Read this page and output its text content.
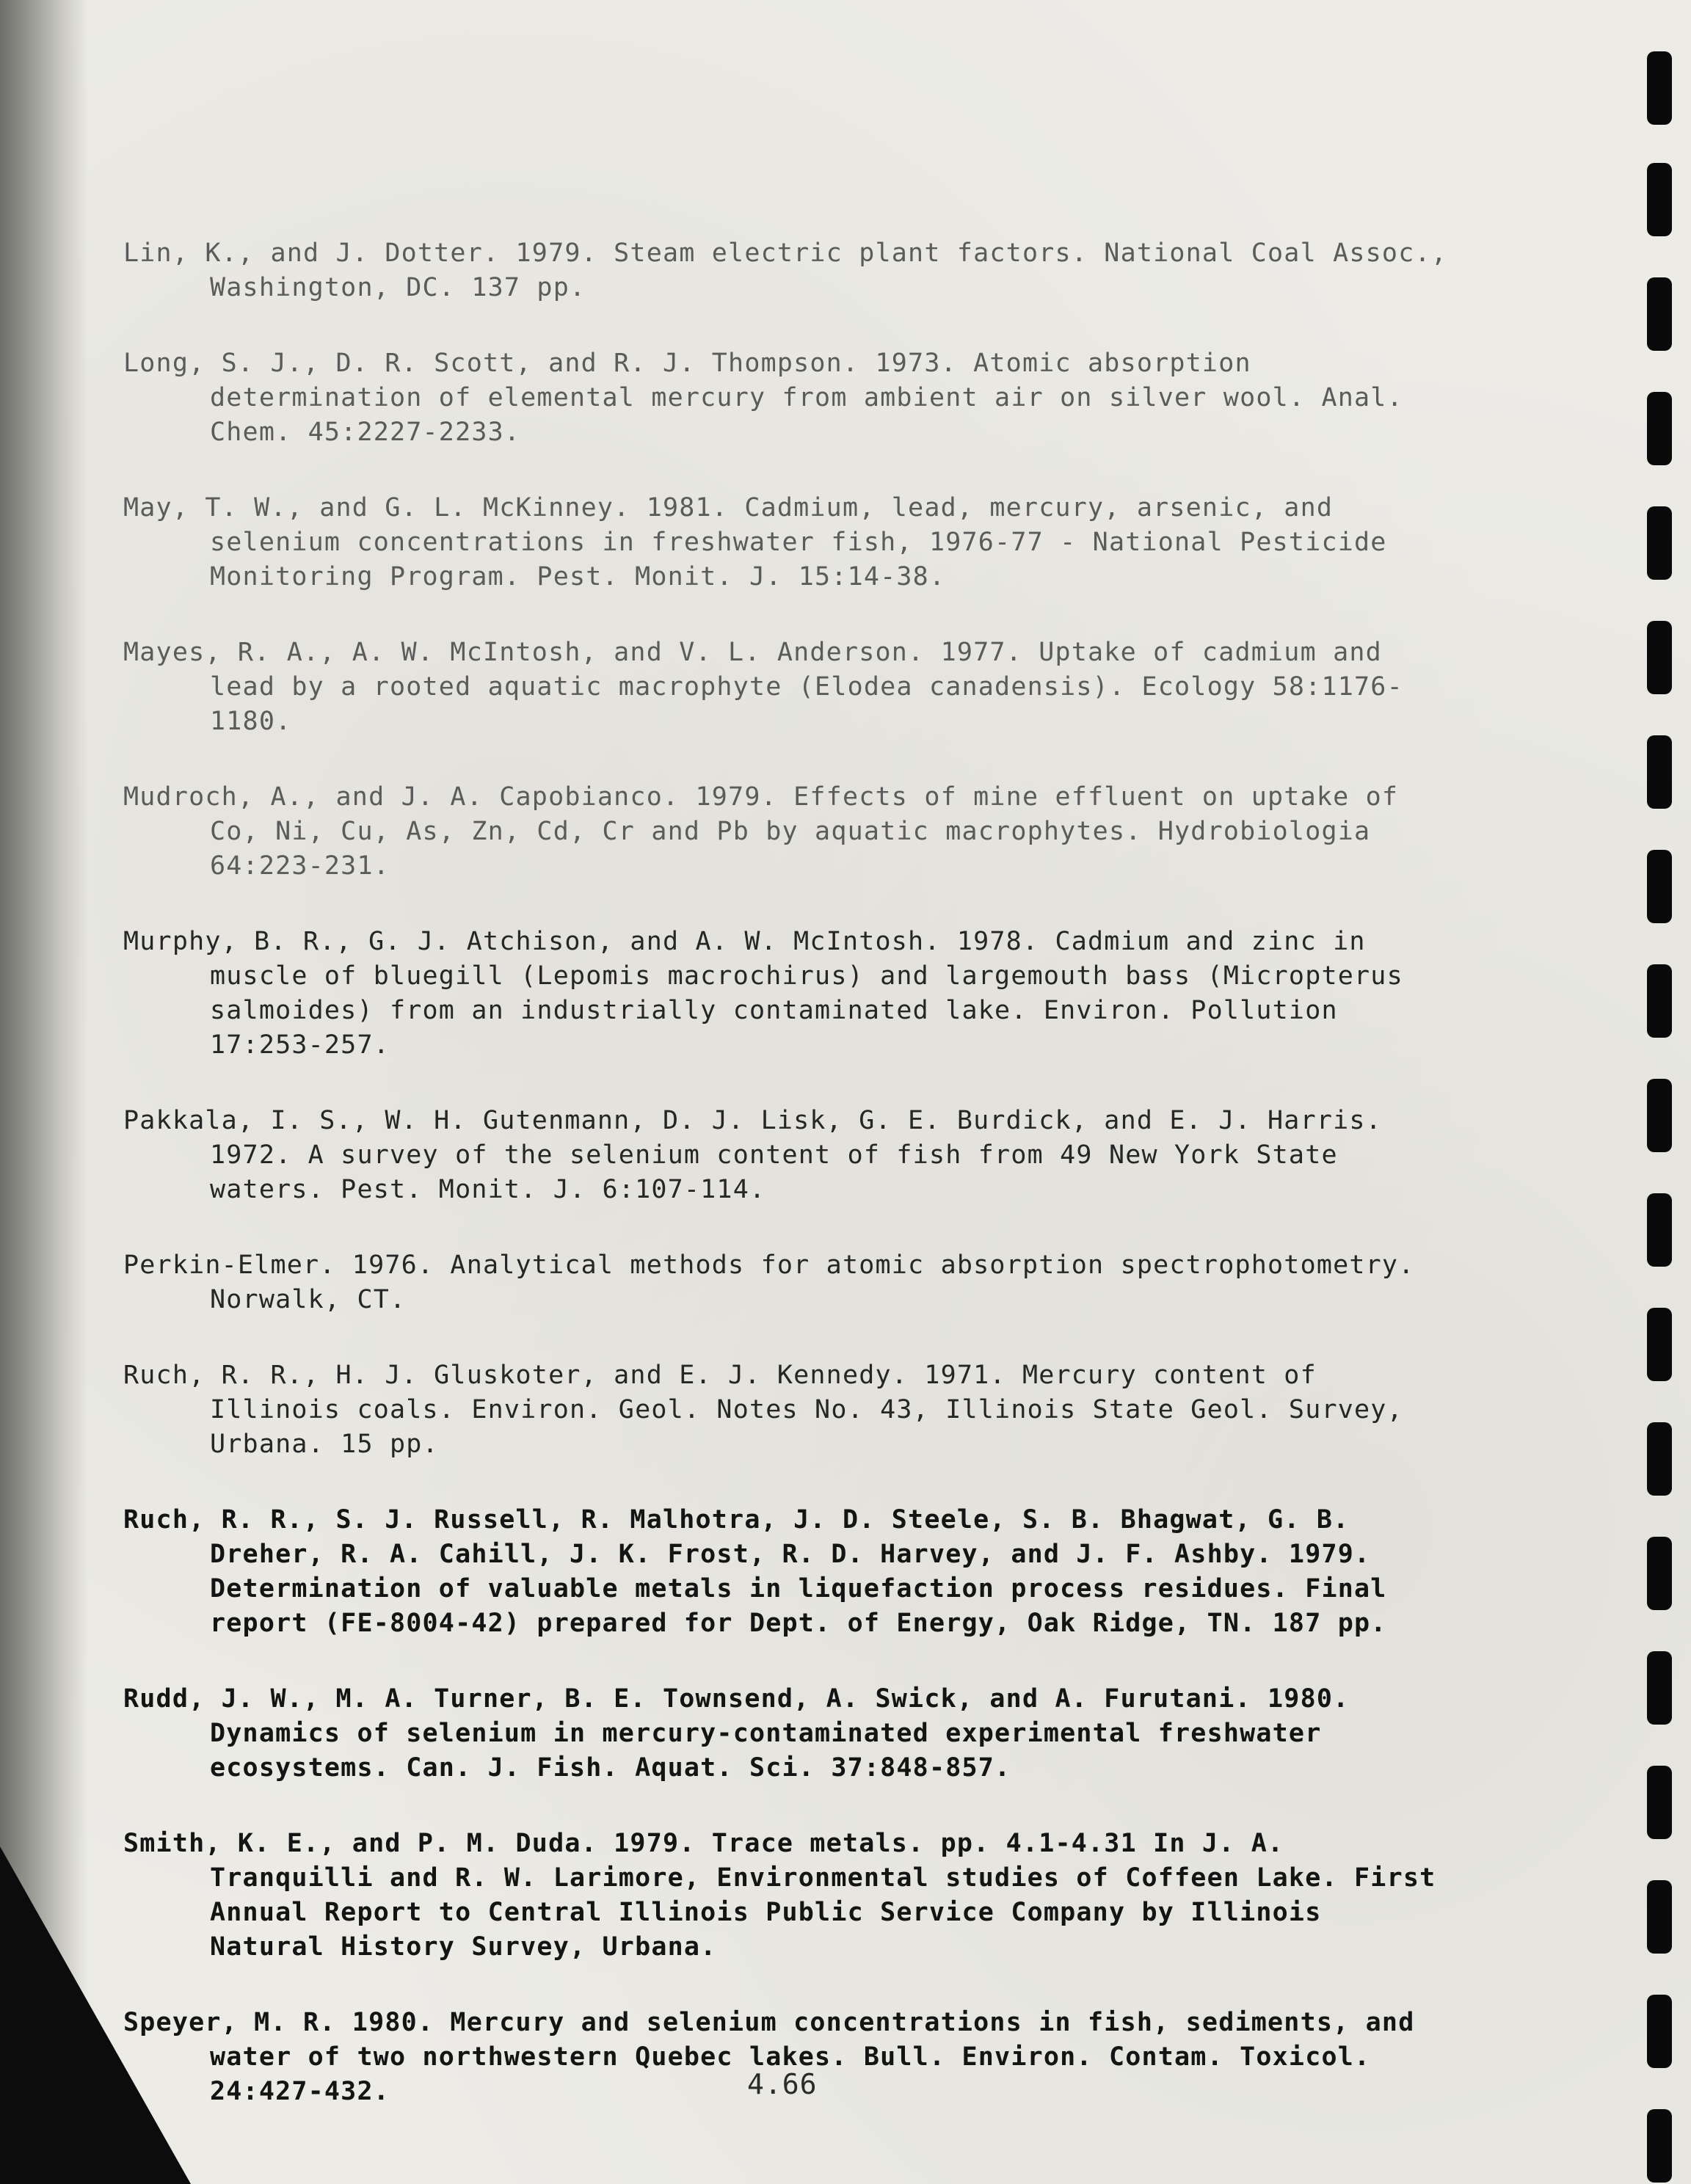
Lin, K., and J. Dotter. 1979. Steam electric plant factors. National Coal Assoc., Washington, DC. 137 pp.

Long, S. J., D. R. Scott, and R. J. Thompson. 1973. Atomic absorption determination of elemental mercury from ambient air on silver wool. Anal. Chem. 45:2227-2233.

May, T. W., and G. L. McKinney. 1981. Cadmium, lead, mercury, arsenic, and selenium concentrations in freshwater fish, 1976-77 - National Pesticide Monitoring Program. Pest. Monit. J. 15:14-38.

Mayes, R. A., A. W. McIntosh, and V. L. Anderson. 1977. Uptake of cadmium and lead by a rooted aquatic macrophyte (Elodea canadensis). Ecology 58:1176-1180.

Mudroch, A., and J. A. Capobianco. 1979. Effects of mine effluent on uptake of Co, Ni, Cu, As, Zn, Cd, Cr and Pb by aquatic macrophytes. Hydrobiologia 64:223-231.

Murphy, B. R., G. J. Atchison, and A. W. McIntosh. 1978. Cadmium and zinc in muscle of bluegill (Lepomis macrochirus) and largemouth bass (Micropterus salmoides) from an industrially contaminated lake. Environ. Pollution 17:253-257.

Pakkala, I. S., W. H. Gutenmann, D. J. Lisk, G. E. Burdick, and E. J. Harris. 1972. A survey of the selenium content of fish from 49 New York State waters. Pest. Monit. J. 6:107-114.

Perkin-Elmer. 1976. Analytical methods for atomic absorption spectrophotometry. Norwalk, CT.

Ruch, R. R., H. J. Gluskoter, and E. J. Kennedy. 1971. Mercury content of Illinois coals. Environ. Geol. Notes No. 43, Illinois State Geol. Survey, Urbana. 15 pp.

Ruch, R. R., S. J. Russell, R. Malhotra, J. D. Steele, S. B. Bhagwat, G. B. Dreher, R. A. Cahill, J. K. Frost, R. D. Harvey, and J. F. Ashby. 1979. Determination of valuable metals in liquefaction process residues. Final report (FE-8004-42) prepared for Dept. of Energy, Oak Ridge, TN. 187 pp.

Rudd, J. W., M. A. Turner, B. E. Townsend, A. Swick, and A. Furutani. 1980. Dynamics of selenium in mercury-contaminated experimental freshwater ecosystems. Can. J. Fish. Aquat. Sci. 37:848-857.

Smith, K. E., and P. M. Duda. 1979. Trace metals. pp. 4.1-4.31 In J. A. Tranquilli and R. W. Larimore, Environmental studies of Coffeen Lake. First Annual Report to Central Illinois Public Service Company by Illinois Natural History Survey, Urbana.

Speyer, M. R. 1980. Mercury and selenium concentrations in fish, sediments, and water of two northwestern Quebec lakes. Bull. Environ. Contam. Toxicol. 24:427-432.	4.66
